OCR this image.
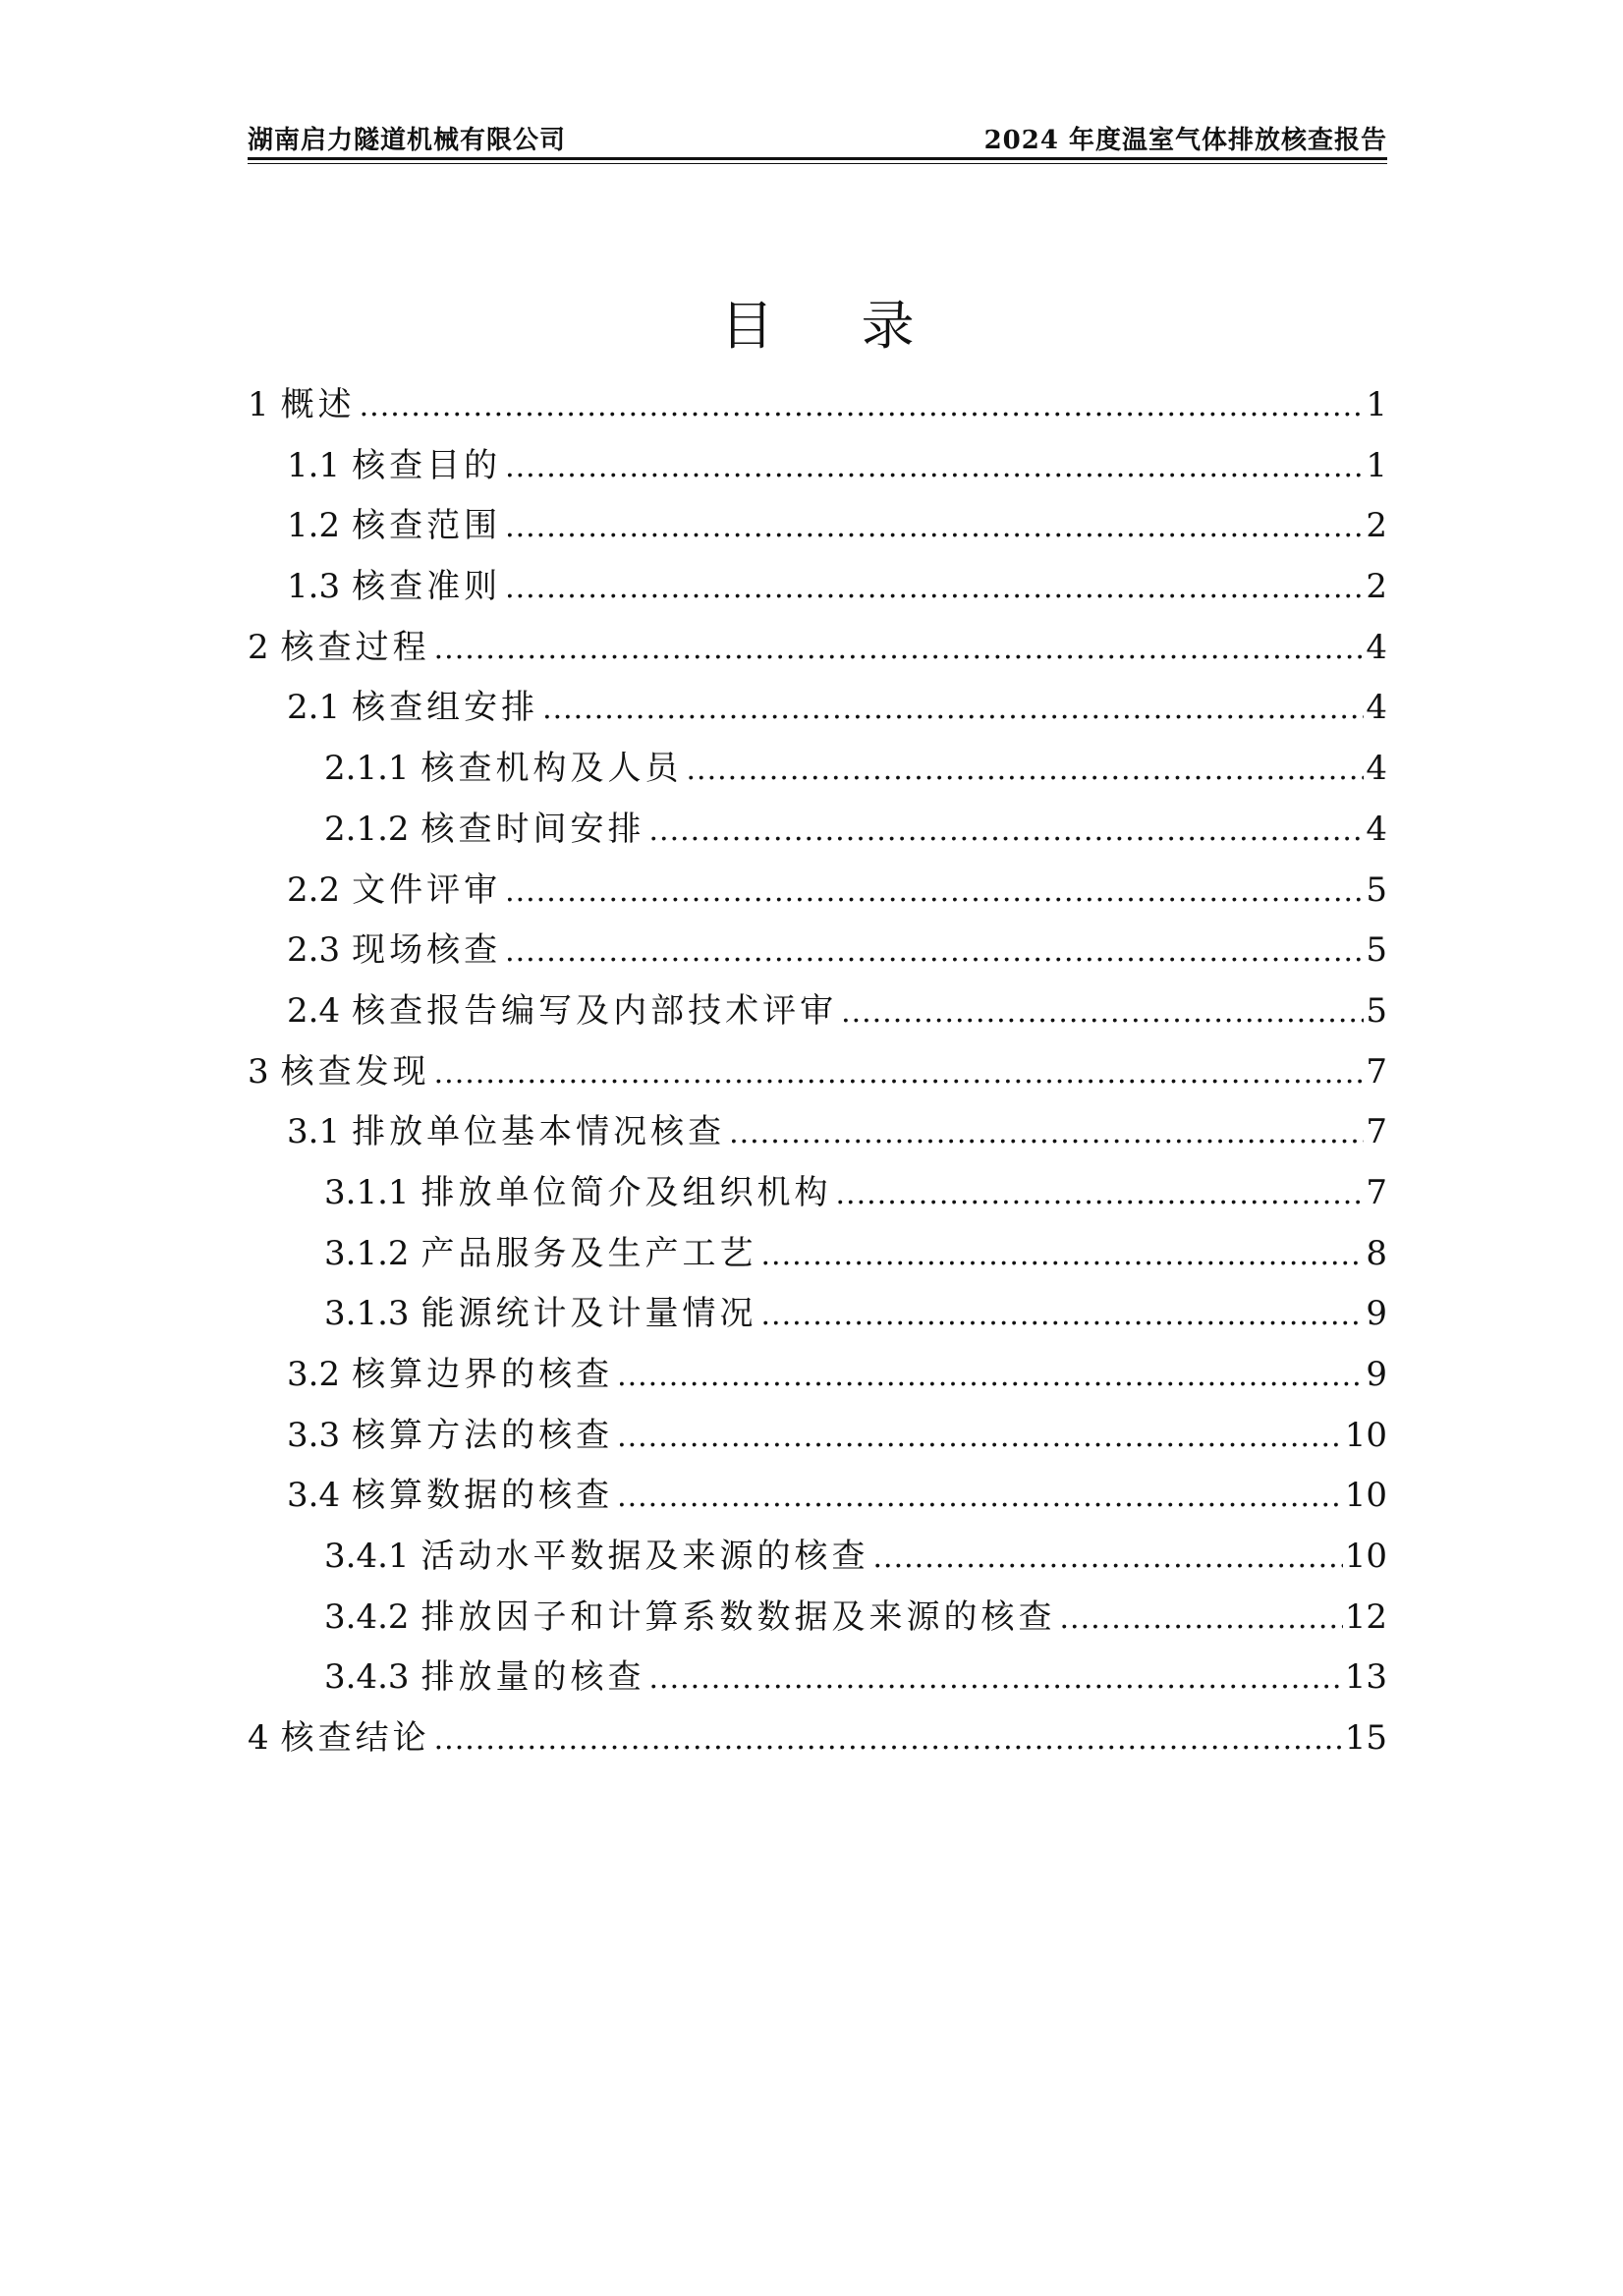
湖南启力隧道机械有限公司	2024 年度温室气体排放核查报告
目 录
1 概述 .....	1
1.1 核查目的 .....	1
1.2 核查范围 .....	2
1.3 核查准则 .....	2
2 核查过程 .....	4
2.1 核查组安排 .....	4
2.1.1 核查机构及人员 .....	4
2.1.2 核查时间安排 .....	4
2.2 文件评审 .....	5
2.3 现场核查 .....	5
2.4 核查报告编写及内部技术评审 .....	5
3 核查发现 .....	7
3.1 排放单位基本情况核查 .....	7
3.1.1 排放单位简介及组织机构 .....	7
3.1.2 产品服务及生产工艺 .....	8
3.1.3 能源统计及计量情况 .....	9
3.2 核算边界的核查 .....	9
3.3 核算方法的核查 .....	10
3.4 核算数据的核查 .....	10
3.4.1 活动水平数据及来源的核查 .....	10
3.4.2 排放因子和计算系数数据及来源的核查 .....	12
3.4.3 排放量的核查 .....	13
4 核查结论 .....	15
